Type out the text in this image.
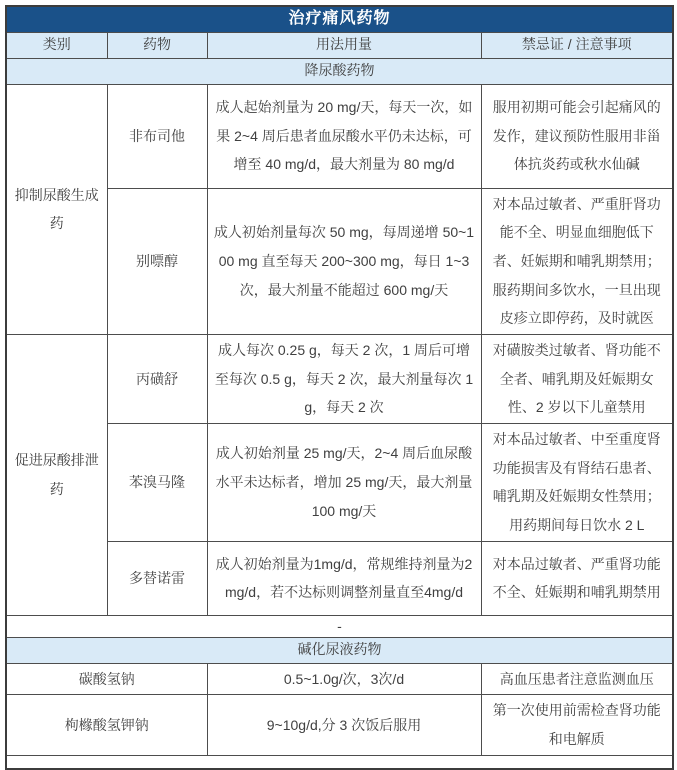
治疗痛风药物			
类别	药物	用法用量	禁忌证 / 注意事项
降尿酸药物			
抑制尿酸生成药	非布司他	成人起始剂量为 20 mg/天，每天一次，如果 2~4 周后患者血尿酸水平仍未达标，可增至 40 mg/d，最大剂量为 80 mg/d	服用初期可能会引起痛风的发作，建议预防性服用非甾体抗炎药或秋水仙碱
	别嘌醇	成人初始剂量每次 50 mg，每周递增 50~100 mg 直至每天 200~300 mg，每日 1~3 次，最大剂量不能超过 600 mg/天	对本品过敏者、严重肝肾功能不全、明显血细胞低下者、妊娠期和哺乳期禁用；服药期间多饮水，一旦出现皮疹立即停药，及时就医
促进尿酸排泄药	丙磺舒	成人每次 0.25 g，每天 2 次，1 周后可增至每次 0.5 g，每天 2 次，最大剂量每次 1 g，每天 2 次	对磺胺类过敏者、肾功能不全者、哺乳期及妊娠期女性、2 岁以下儿童禁用
	苯溴马隆	成人初始剂量 25 mg/天，2~4 周后血尿酸水平未达标者，增加 25 mg/天，最大剂量 100 mg/天	对本品过敏者、中至重度肾功能损害及有肾结石患者、哺乳期及妊娠期女性禁用；用药期间每日饮水 2 L
	多替诺雷	成人初始剂量为1mg/d，常规维持剂量为2mg/d，若不达标则调整剂量直至4mg/d	对本品过敏者、严重肾功能不全、妊娠期和哺乳期禁用
-			
碱化尿液药物			
碳酸氢钠		0.5~1.0g/次，3次/d	高血压患者注意监测血压
枸橼酸氢钾钠		9~10g/d,分 3 次饭后服用	第一次使用前需检查肾功能和电解质
